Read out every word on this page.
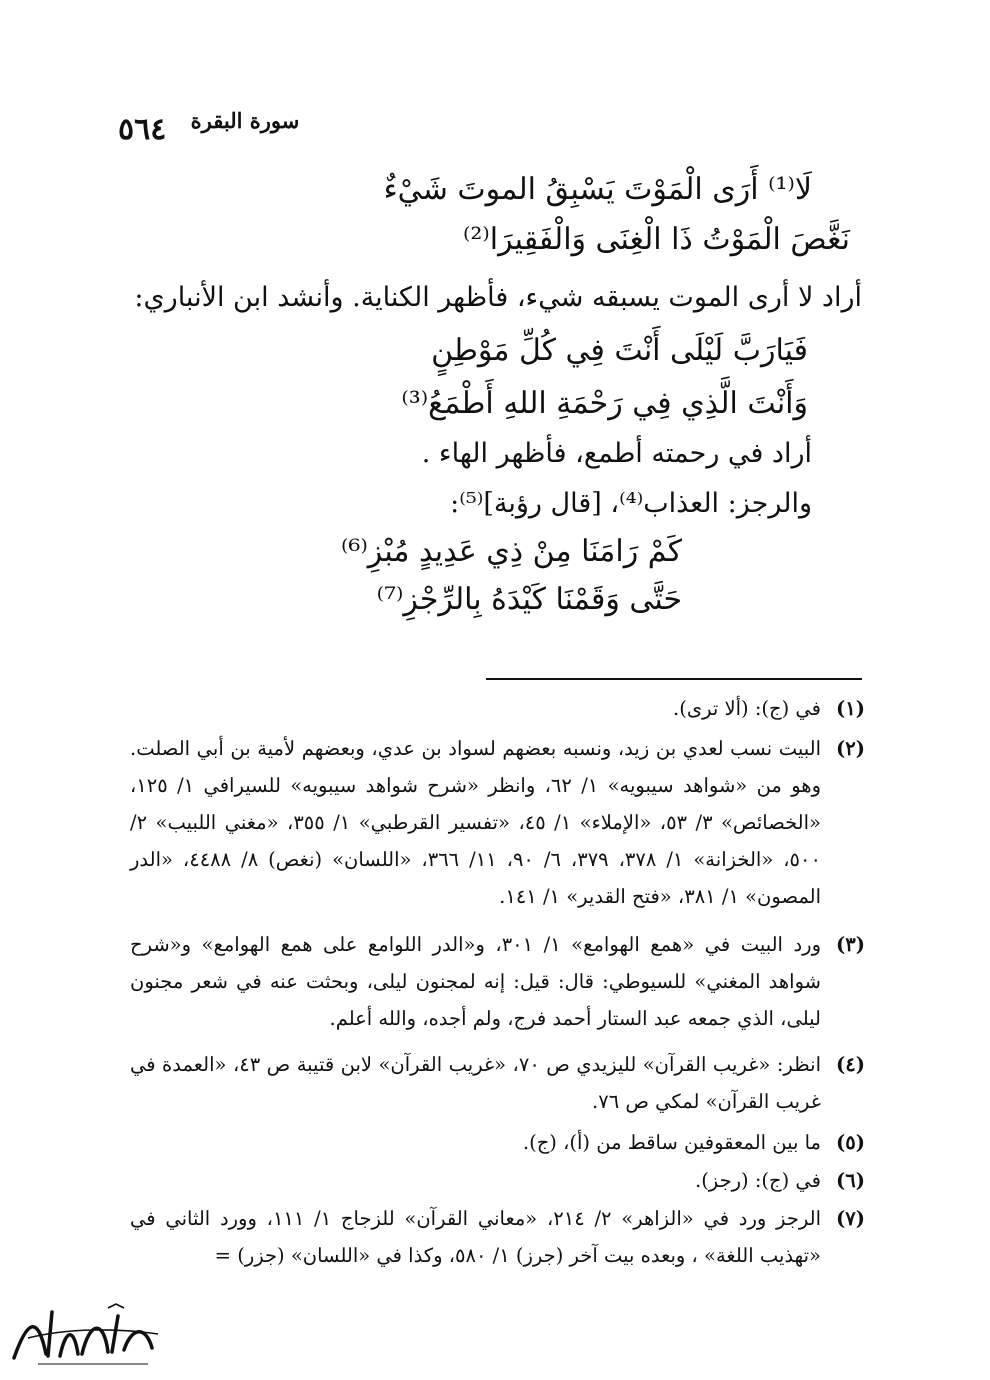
٥٦٤	سورة البقرة
لَا⁽¹⁾ أَرَى الْمَوْتَ يَسْبِقُ الموتَ شَيْءٌ
نَغَّصَ الْمَوْتُ ذَا الْغِنَى وَالْفَقِيرَا⁽²⁾
أراد لا أرى الموت يسبقه شيء، فأظهر الكناية. وأنشد ابن الأنباري:
فَيَارَبَّ لَيْلَى أَنْتَ فِي كُلِّ مَوْطِنٍ
وَأَنْتَ الَّذِي فِي رَحْمَةِ اللهِ أَطْمَعُ⁽³⁾
أراد في رحمته أطمع، فأظهر الهاء .
والرجز: العذاب⁽⁴⁾، [قال رؤبة]⁽⁵⁾:
كَمْ رَامَنَا مِنْ ذِي عَدِيدٍ مُبْزِ⁽⁶⁾
حَتَّى وَقَمْنَا كَيْدَهُ بِالرِّجْزِ⁽⁷⁾
(١)
في (ج): (ألا ترى).
(٢)
البيت نسب لعدي بن زيد، ونسبه بعضهم لسواد بن عدي، وبعضهم لأمية بن أبي الصلت. وهو من «شواهد سيبويه» ١/ ٦٢، وانظر «شرح شواهد سيبويه» للسيرافي ١/ ١٢٥، «الخصائص» ٣/ ٥٣، «الإملاء» ١/ ٤٥، «تفسير القرطبي» ١/ ٣٥٥، «مغني اللبيب» ٢/ ٥٠٠، «الخزانة» ١/ ٣٧٨، ٣٧٩، ٦/ ٩٠، ١١/ ٣٦٦، «اللسان» (نغص) ٨/ ٤٤٨٨، «الدر المصون» ١/ ٣٨١، «فتح القدير» ١/ ١٤١.
(٣)
ورد البيت في «همع الهوامع» ١/ ٣٠١، و«الدر اللوامع على همع الهوامع» و«شرح شواهد المغني» للسيوطي: قال: قيل: إنه لمجنون ليلى، وبحثت عنه في شعر مجنون ليلى، الذي جمعه عبد الستار أحمد فرج، ولم أجده، والله أعلم.
(٤)
انظر: «غريب القرآن» لليزيدي ص ٧٠، «غريب القرآن» لابن قتيبة ص ٤٣، «العمدة في غريب القرآن» لمكي ص ٧٦.
(٥)
ما بين المعقوفين ساقط من (أ)، (ج).
(٦)
في (ج): (رجز).
(٧)
الرجز ورد في «الزاهر» ٢/ ٢١٤، «معاني القرآن» للزجاج ١/ ١١١، وورد الثاني في «تهذيب اللغة» ، وبعده بيت آخر (جرز) ١/ ٥٨٠، وكذا في «اللسان» (جزر) =
